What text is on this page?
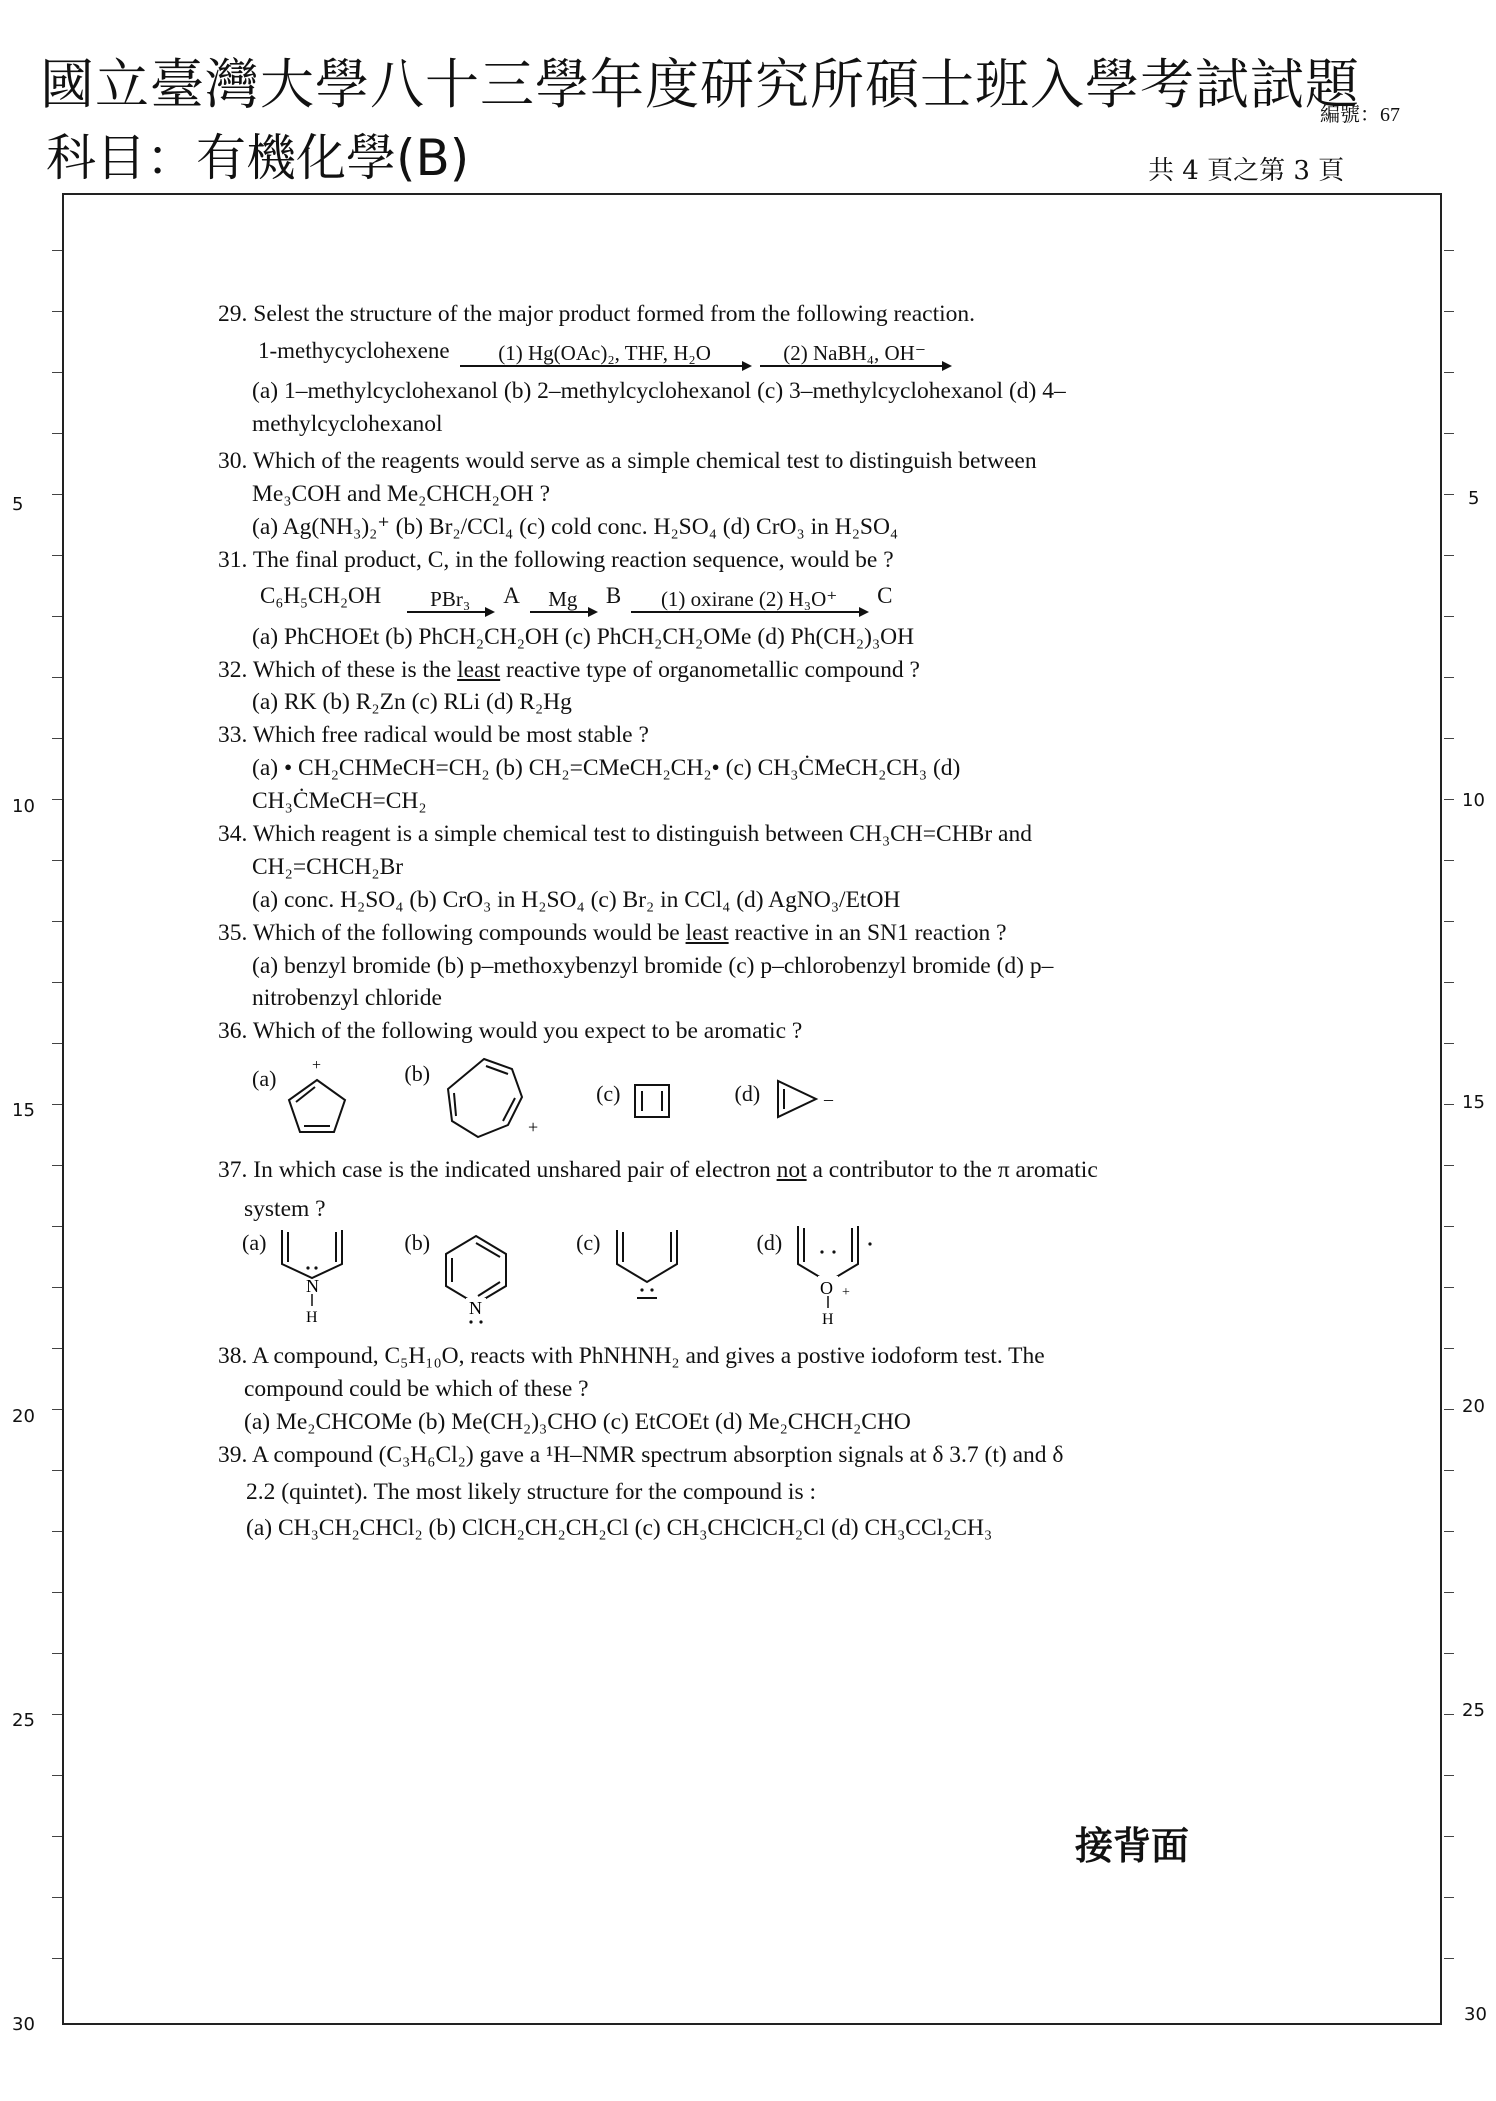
國立臺灣大學八十三學年度研究所碩士班入學考試試題
編號：67
科目：有機化學(B)	共 4 頁之第 3 頁
5
10
15
20
25
30
5
10
15
20
25
30
29. Selest the structure of the major product formed from the following reaction.
1-methycyclohexene (1) Hg(OAc)₂, THF, H₂O	(2) NaBH₄, OH⁻
(a) 1–methylcyclohexanol (b) 2–methylcyclohexanol (c) 3–methylcyclohexanol (d) 4–
methylcyclohexanol
30. Which of the reagents would serve as a simple chemical test to distinguish between
Me₃COH and Me₂CHCH₂OH ?
(a) Ag(NH₃)₂⁺ (b) Br₂/CCl₄ (c) cold conc. H₂SO₄ (d) CrO₃ in H₂SO₄
31. The final product, C, in the following reaction sequence, would be ?
C₆H₅CH₂OH PBr₃ A Mg B (1) oxirane (2) H₃O⁺ C
(a) PhCHOEt (b) PhCH₂CH₂OH (c) PhCH₂CH₂OMe (d) Ph(CH₂)₃OH
32. Which of these is the least reactive type of organometallic compound ?
(a) RK (b) R₂Zn (c) RLi (d) R₂Hg
33. Which free radical would be most stable ?
(a) • CH₂CHMeCH=CH₂ (b) CH₂=CMeCH₂CH₂• (c) CH₃ĊMeCH₂CH₃ (d)
CH₃ĊMeCH=CH₂
34. Which reagent is a simple chemical test to distinguish between CH₃CH=CHBr and
CH₂=CHCH₂Br
(a) conc. H₂SO₄ (b) CrO₃ in H₂SO₄ (c) Br₂ in CCl₄ (d) AgNO₃/EtOH
35. Which of the following compounds would be least reactive in an SN1 reaction ?
(a) benzyl bromide (b) p–methoxybenzyl bromide (c) p–chlorobenzyl bromide (d) p–
nitrobenzyl chloride
36. Which of the following would you expect to be aromatic ?
(a)
+	(b)
+
(c)	(d)	–
37. In which case is the indicated unshared pair of electron not a contributor to the π aromatic
system ?
(a)
N
H
(b)
N
(c)	(d)
O +
H
38. A compound, C₅H₁₀O, reacts with PhNHNH₂ and gives a postive iodoform test. The
compound could be which of these ?
(a) Me₂CHCOMe (b) Me(CH₂)₃CHO (c) EtCOEt (d) Me₂CHCH₂CHO
39. A compound (C₃H₆Cl₂) gave a ¹H–NMR spectrum absorption signals at δ 3.7 (t) and δ
2.2 (quintet). The most likely structure for the compound is :
(a) CH₃CH₂CHCl₂ (b) ClCH₂CH₂CH₂Cl (c) CH₃CHClCH₂Cl (d) CH₃CCl₂CH₃
接背面
